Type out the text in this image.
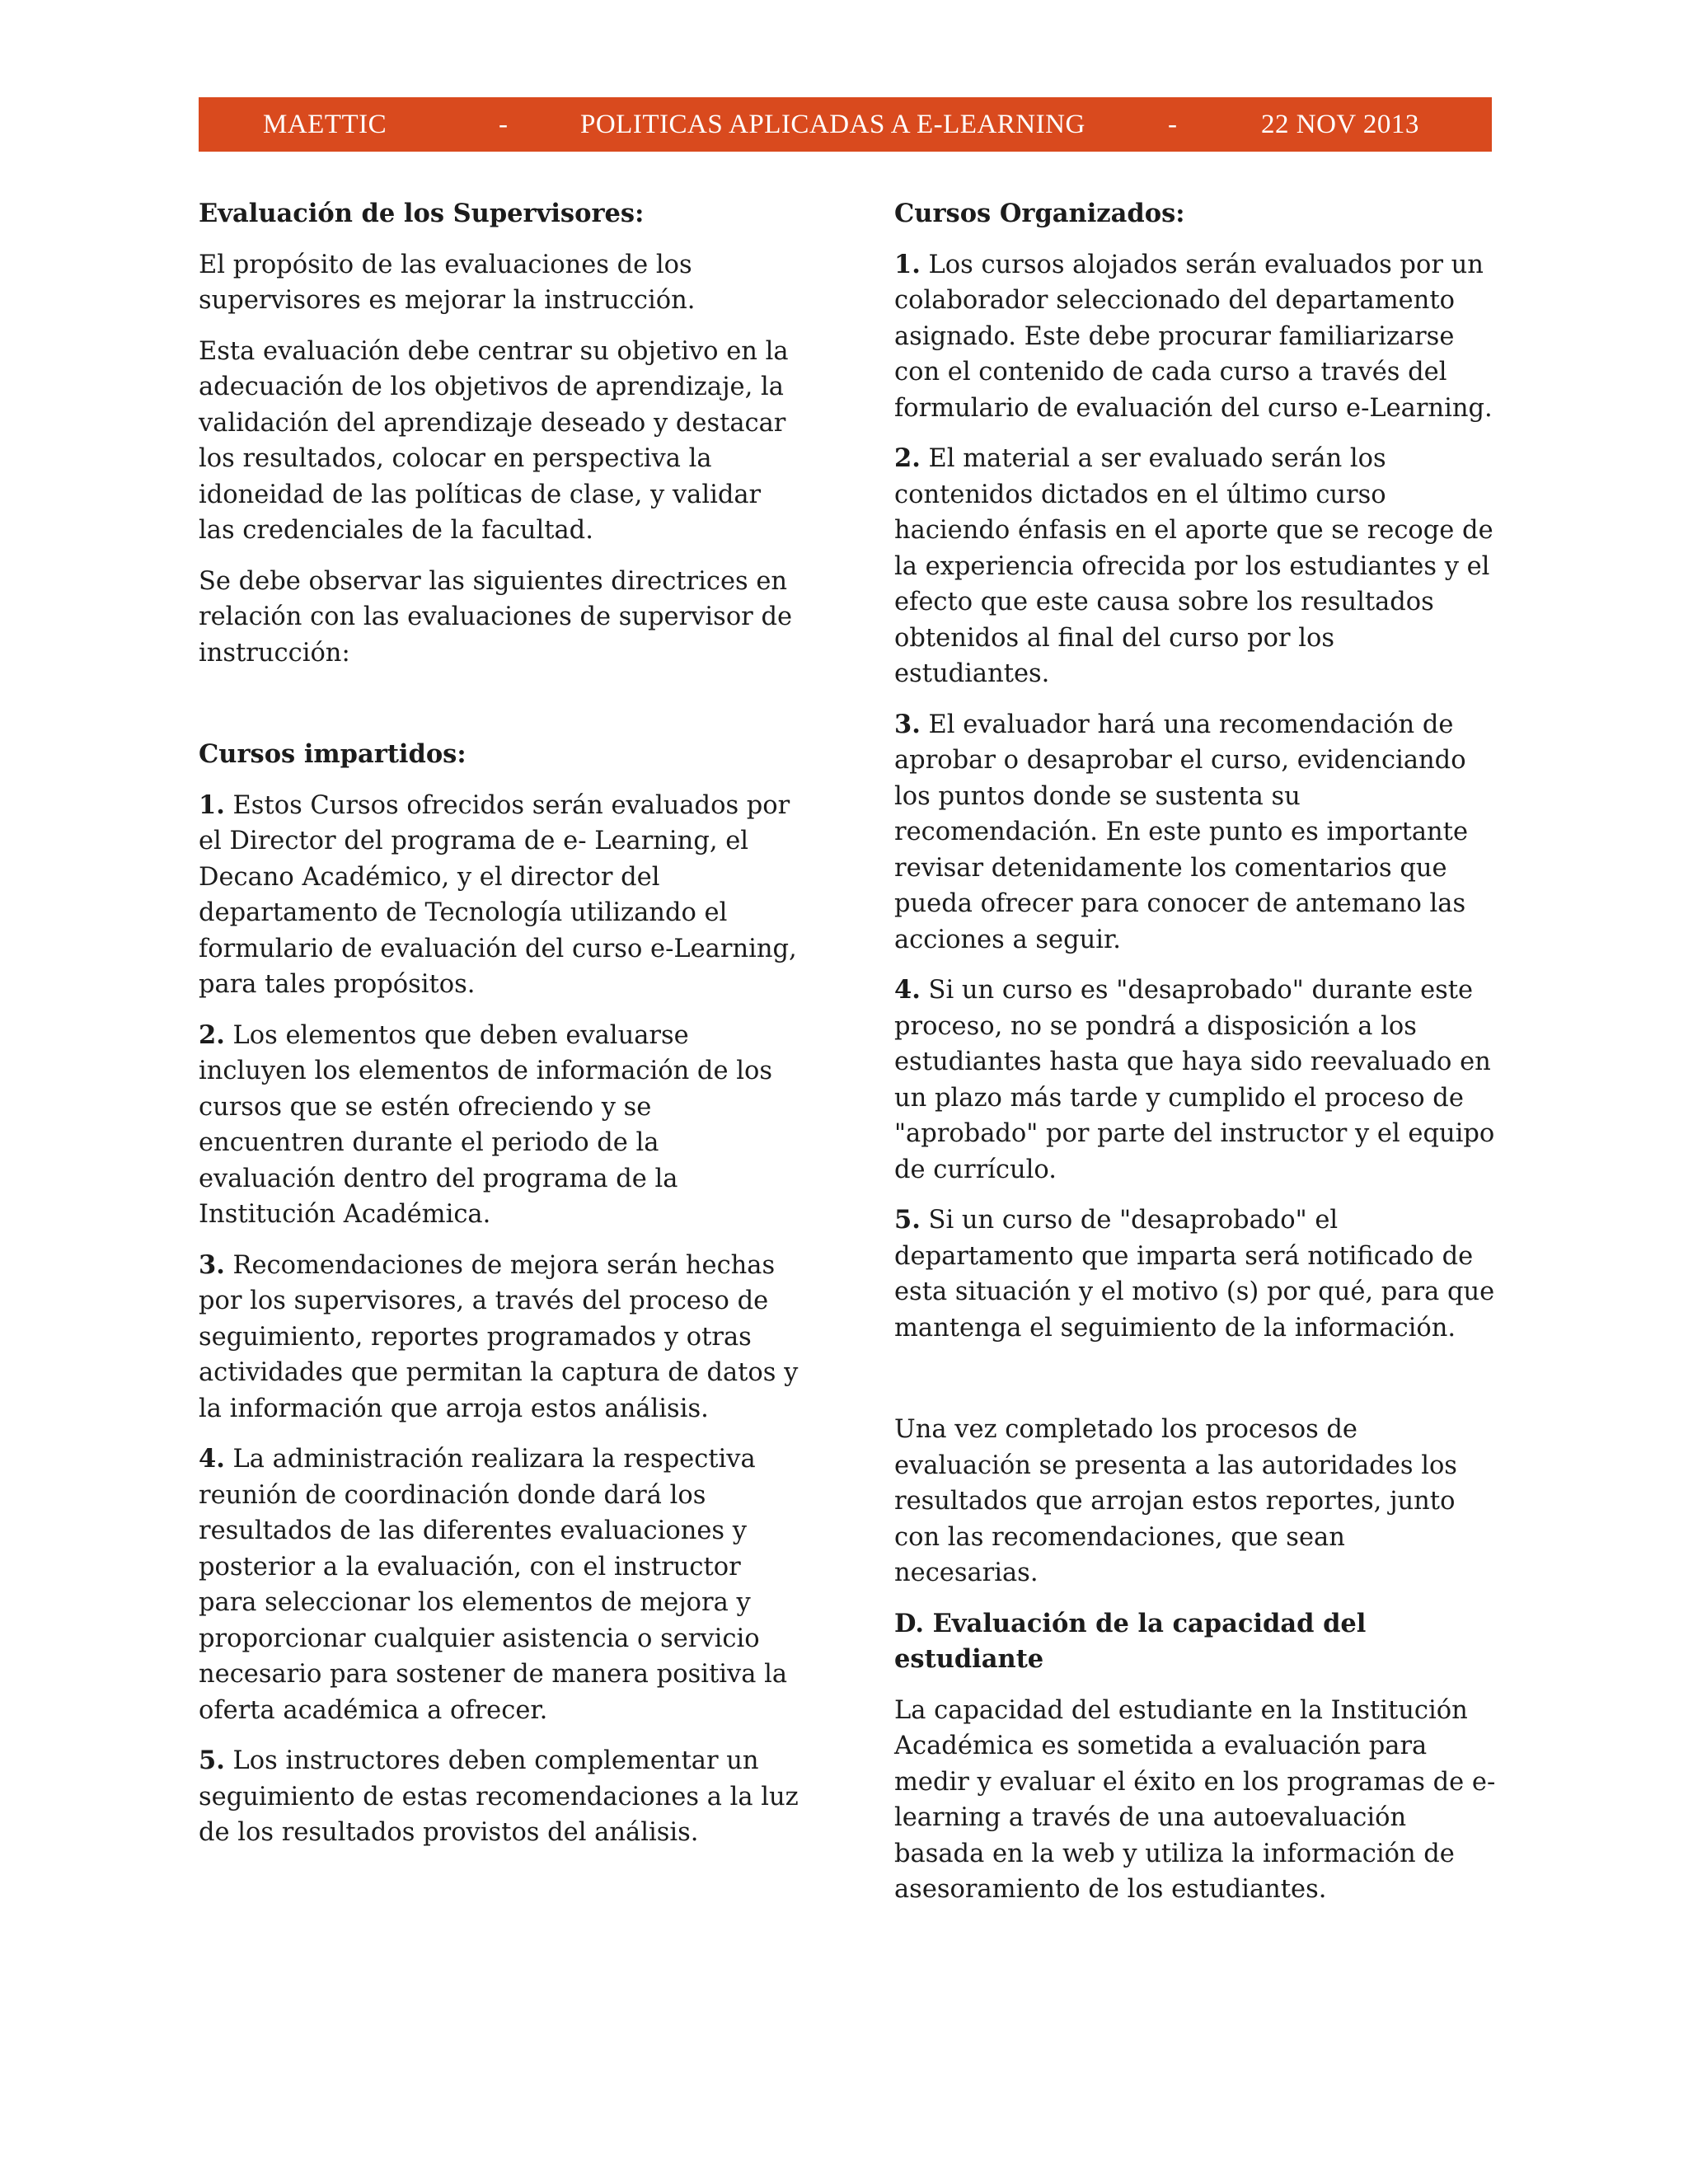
MAETTIC	-	POLITICAS APLICADAS A E-LEARNING	-	22 NOV 2013
Evaluación de los Supervisores:

El propósito de las evaluaciones de los supervisores es mejorar la instrucción.

Esta evaluación debe centrar su objetivo en la adecuación de los objetivos de aprendizaje, la validación del aprendizaje deseado y destacar los resultados, colocar en perspectiva la idoneidad de las políticas de clase, y validar las credenciales de la facultad.

Se debe observar las siguientes directrices en relación con las evaluaciones de supervisor de instrucción:

Cursos impartidos:

1. Estos Cursos ofrecidos serán evaluados por el Director del programa de e- Learning, el Decano Académico, y el director del departamento de Tecnología utilizando el formulario de evaluación del curso e-Learning, para tales propósitos.

2. Los elementos que deben evaluarse incluyen los elementos de información de los cursos que se estén ofreciendo y se encuentren durante el periodo de la evaluación dentro del programa de la Institución Académica.

3. Recomendaciones de mejora serán hechas por los supervisores, a través del proceso de seguimiento, reportes programados y otras actividades que permitan la captura de datos y la información que arroja estos análisis.

4. La administración realizara la respectiva reunión de coordinación donde dará los resultados de las diferentes evaluaciones y posterior a la evaluación, con el instructor para seleccionar los elementos de mejora y proporcionar cualquier asistencia o servicio necesario para sostener de manera positiva la oferta académica a ofrecer.

5. Los instructores deben complementar un seguimiento de estas recomendaciones a la luz de los resultados provistos del análisis.

Cursos Organizados:

1. Los cursos alojados serán evaluados por un colaborador seleccionado del departamento asignado. Este debe procurar familiarizarse con el contenido de cada curso a través del formulario de evaluación del curso e-Learning.

2. El material a ser evaluado serán los contenidos dictados en el último curso haciendo énfasis en el aporte que se recoge de la experiencia ofrecida por los estudiantes y el efecto que este causa sobre los resultados obtenidos al final del curso por los estudiantes.

3. El evaluador hará una recomendación de aprobar o desaprobar el curso, evidenciando los puntos donde se sustenta su recomendación. En este punto es importante revisar detenidamente los comentarios que pueda ofrecer para conocer de antemano las acciones a seguir.

4. Si un curso es "desaprobado" durante este proceso, no se pondrá a disposición a los estudiantes hasta que haya sido reevaluado en un plazo más tarde y cumplido el proceso de "aprobado" por parte del instructor y el equipo de currículo.

5. Si un curso de "desaprobado" el departamento que imparta será notificado de esta situación y el motivo (s) por qué, para que mantenga el seguimiento de la información.

Una vez completado los procesos de evaluación se presenta a las autoridades los resultados que arrojan estos reportes, junto con las recomendaciones, que sean necesarias.

D. Evaluación de la capacidad del estudiante

La capacidad del estudiante en la Institución Académica es sometida a evaluación para medir y evaluar el éxito en los programas de e-learning a través de una autoevaluación basada en la web y utiliza la información de asesoramiento de los estudiantes.
